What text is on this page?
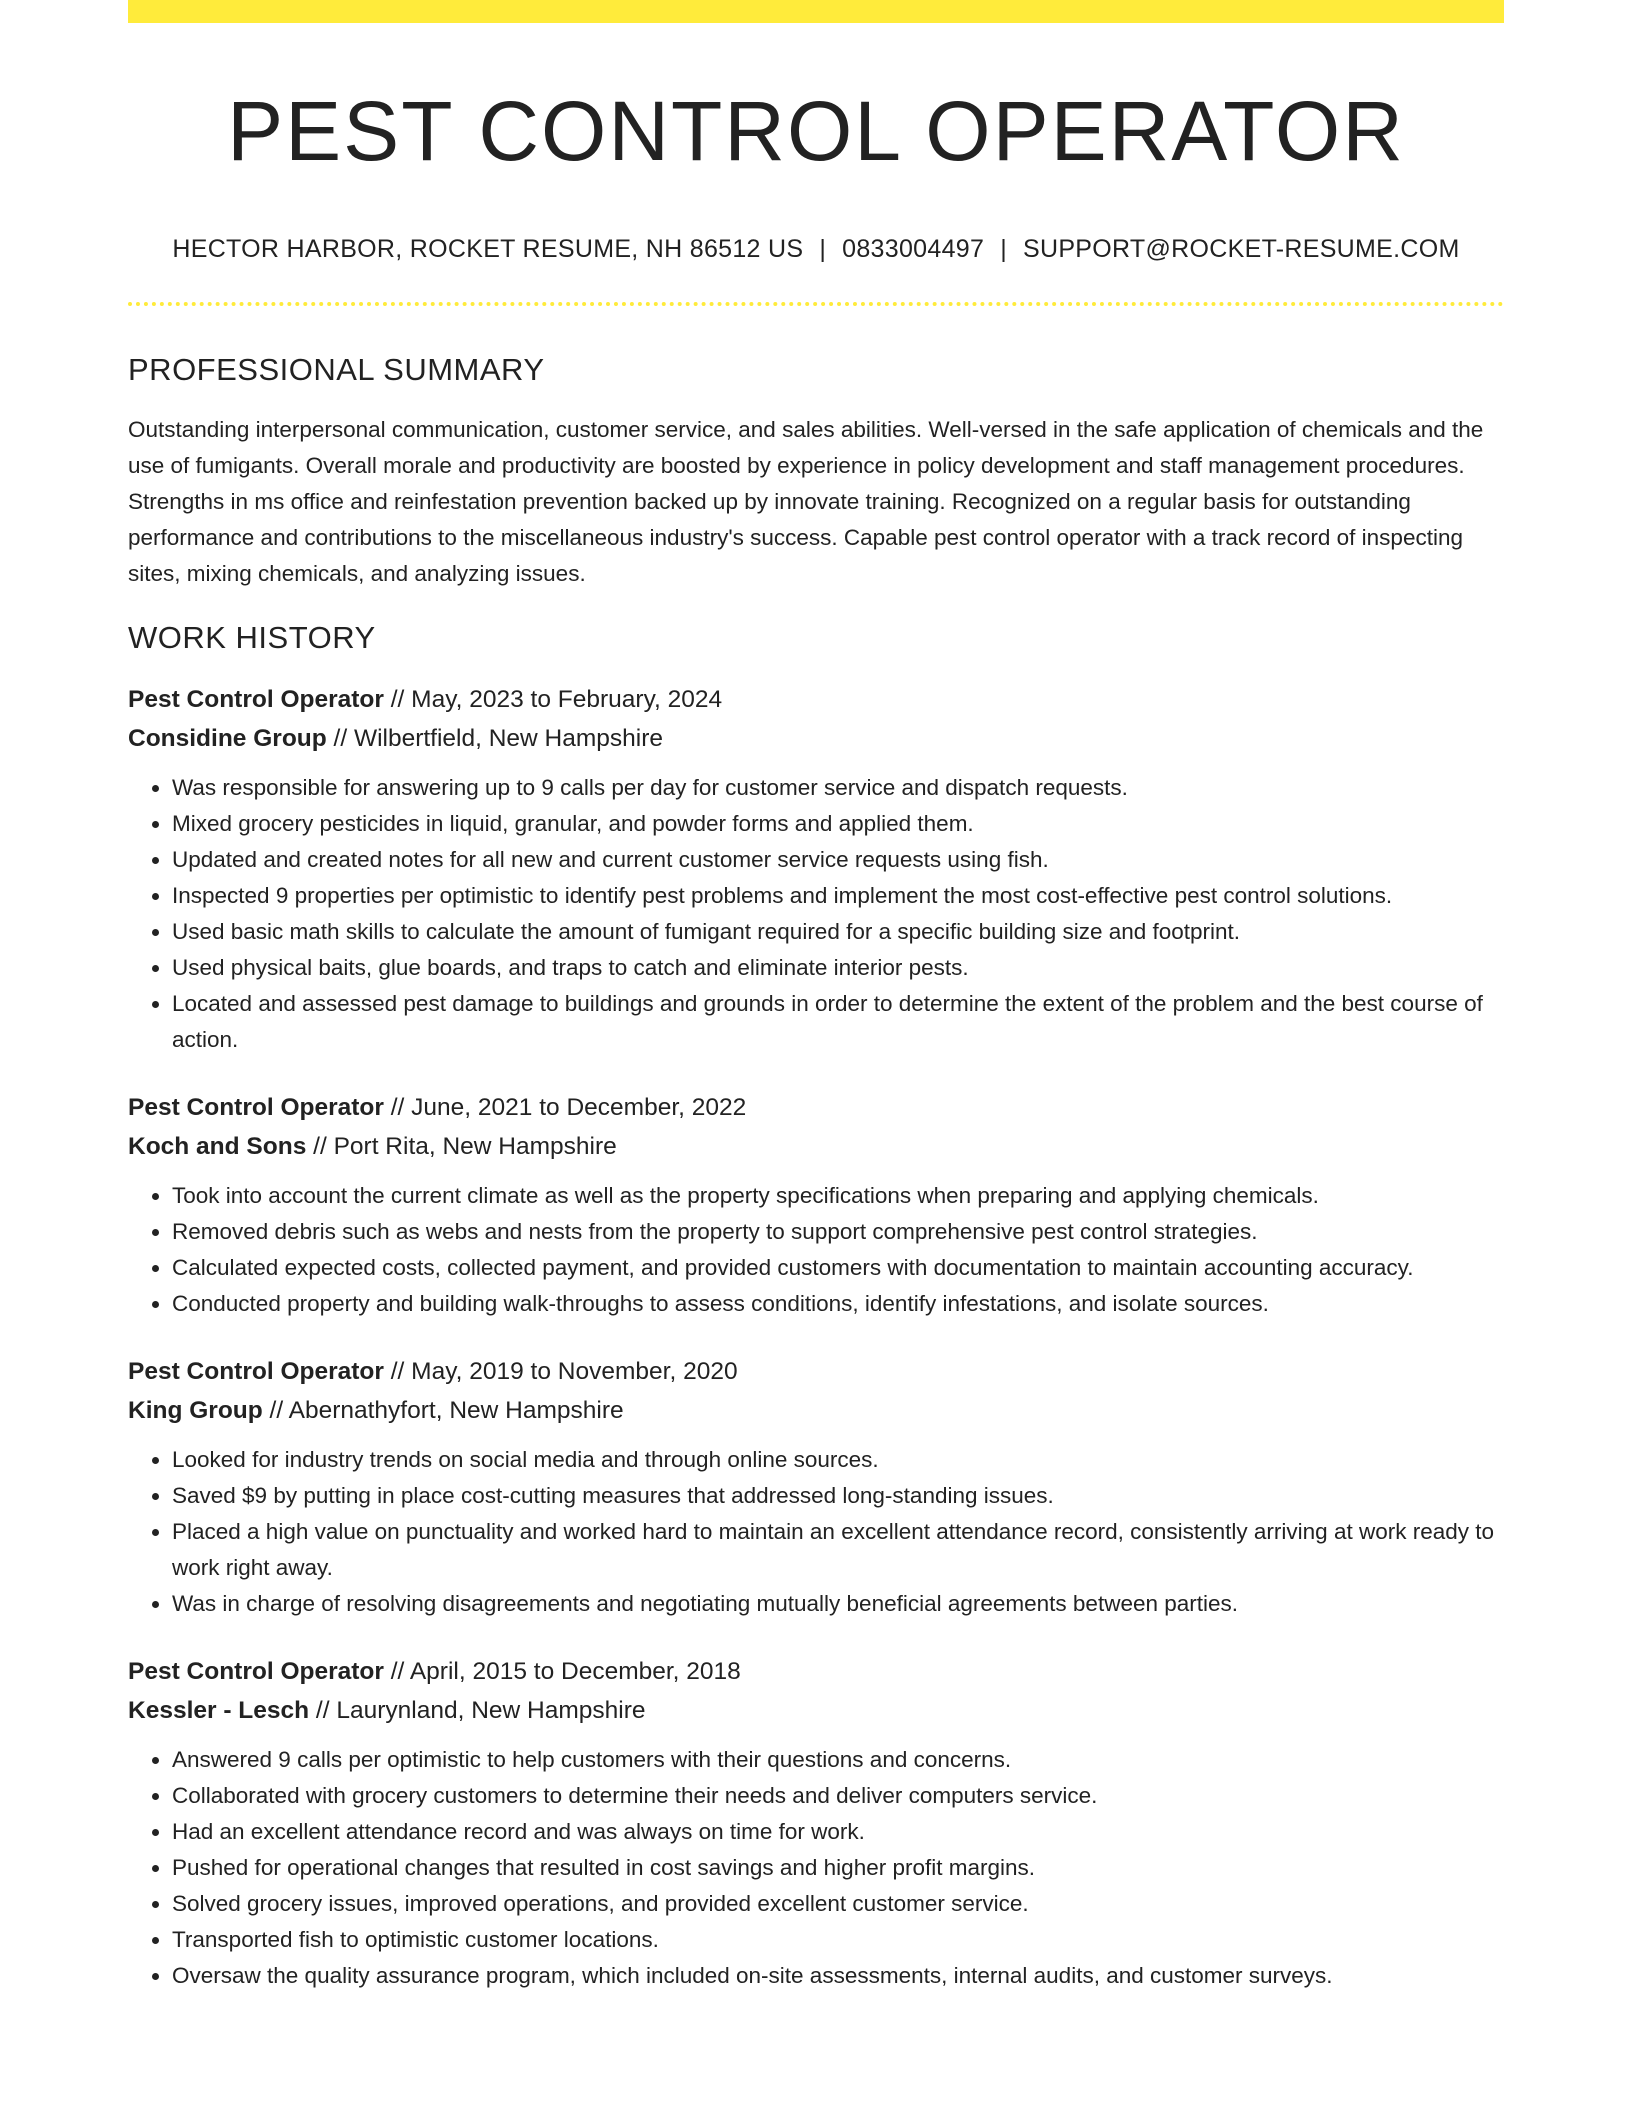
PEST CONTROL OPERATOR
HECTOR HARBOR, ROCKET RESUME, NH 86512 US | 0833004497 | SUPPORT@ROCKET-RESUME.COM
PROFESSIONAL SUMMARY

Outstanding interpersonal communication, customer service, and sales abilities. Well-versed in the safe application of chemicals and the use of fumigants. Overall morale and productivity are boosted by experience in policy development and staff management procedures. Strengths in ms office and reinfestation prevention backed up by innovate training. Recognized on a regular basis for outstanding performance and contributions to the miscellaneous industry's success. Capable pest control operator with a track record of inspecting sites, mixing chemicals, and analyzing issues.

WORK HISTORY
Pest Control Operator // May, 2023 to February, 2024
Considine Group // Wilbertfield, New Hampshire
• Was responsible for answering up to 9 calls per day for customer service and dispatch requests.
• Mixed grocery pesticides in liquid, granular, and powder forms and applied them.
• Updated and created notes for all new and current customer service requests using fish.
• Inspected 9 properties per optimistic to identify pest problems and implement the most cost-effective pest control solutions.
• Used basic math skills to calculate the amount of fumigant required for a specific building size and footprint.
• Used physical baits, glue boards, and traps to catch and eliminate interior pests.
• Located and assessed pest damage to buildings and grounds in order to determine the extent of the problem and the best course of action.
Pest Control Operator // June, 2021 to December, 2022
Koch and Sons // Port Rita, New Hampshire
• Took into account the current climate as well as the property specifications when preparing and applying chemicals.
• Removed debris such as webs and nests from the property to support comprehensive pest control strategies.
• Calculated expected costs, collected payment, and provided customers with documentation to maintain accounting accuracy.
• Conducted property and building walk-throughs to assess conditions, identify infestations, and isolate sources.
Pest Control Operator // May, 2019 to November, 2020
King Group // Abernathyfort, New Hampshire
• Looked for industry trends on social media and through online sources.
• Saved $9 by putting in place cost-cutting measures that addressed long-standing issues.
• Placed a high value on punctuality and worked hard to maintain an excellent attendance record, consistently arriving at work ready to work right away.
• Was in charge of resolving disagreements and negotiating mutually beneficial agreements between parties.
Pest Control Operator // April, 2015 to December, 2018
Kessler - Lesch // Laurynland, New Hampshire
• Answered 9 calls per optimistic to help customers with their questions and concerns.
• Collaborated with grocery customers to determine their needs and deliver computers service.
• Had an excellent attendance record and was always on time for work.
• Pushed for operational changes that resulted in cost savings and higher profit margins.
• Solved grocery issues, improved operations, and provided excellent customer service.
• Transported fish to optimistic customer locations.
• Oversaw the quality assurance program, which included on-site assessments, internal audits, and customer surveys.
